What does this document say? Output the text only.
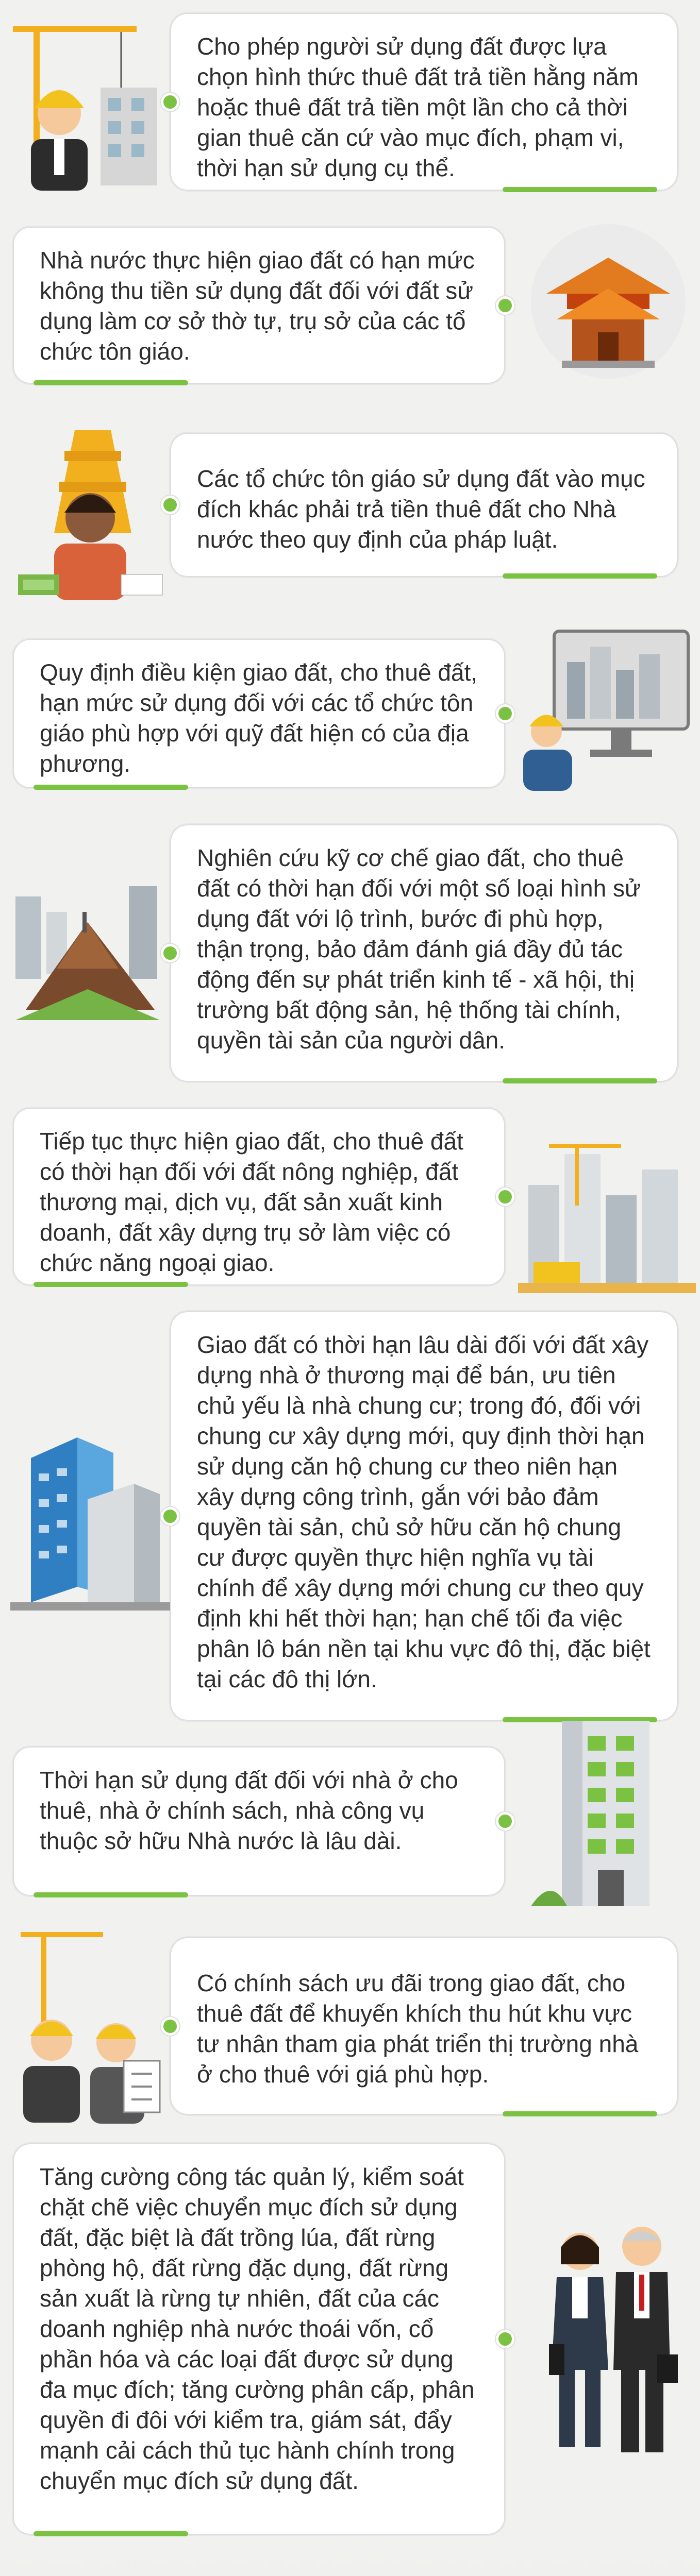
Cho phép người sử dụng đất được lựa chọn hình thức thuê đất trả tiền hằng năm hoặc thuê đất trả tiền một lần cho cả thời gian thuê căn cứ vào mục đích, phạm vi, thời hạn sử dụng cụ thể.
Nhà nước thực hiện giao đất có hạn mức không thu tiền sử dụng đất đối với đất sử dụng làm cơ sở thờ tự, trụ sở của các tổ chức tôn giáo.
Các tổ chức tôn giáo sử dụng đất vào mục đích khác phải trả tiền thuê đất cho Nhà nước theo quy định của pháp luật.
Quy định điều kiện giao đất, cho thuê đất, hạn mức sử dụng đối với các tổ chức tôn giáo phù hợp với quỹ đất hiện có của địa phương.
Nghiên cứu kỹ cơ chế giao đất, cho thuê đất có thời hạn đối với một số loại hình sử dụng đất với lộ trình, bước đi phù hợp, thận trọng, bảo đảm đánh giá đầy đủ tác động đến sự phát triển kinh tế - xã hội, thị trường bất động sản, hệ thống tài chính, quyền tài sản của người dân.
Tiếp tục thực hiện giao đất, cho thuê đất có thời hạn đối với đất nông nghiệp, đất thương mại, dịch vụ, đất sản xuất kinh doanh, đất xây dựng trụ sở làm việc có chức năng ngoại giao.
Giao đất có thời hạn lâu dài đối với đất xây dựng nhà ở thương mại để bán, ưu tiên chủ yếu là nhà chung cư; trong đó, đối với chung cư xây dựng mới, quy định thời hạn sử dụng căn hộ chung cư theo niên hạn xây dựng công trình, gắn với bảo đảm quyền tài sản, chủ sở hữu căn hộ chung cư được quyền thực hiện nghĩa vụ tài chính để xây dựng mới chung cư theo quy định khi hết thời hạn; hạn chế tối đa việc phân lô bán nền tại khu vực đô thị, đặc biệt tại các đô thị lớn.
Thời hạn sử dụng đất đối với nhà ở cho thuê, nhà ở chính sách, nhà công vụ thuộc sở hữu Nhà nước là lâu dài.
Có chính sách ưu đãi trong giao đất, cho thuê đất để khuyến khích thu hút khu vực tư nhân tham gia phát triển thị trường nhà ở cho thuê với giá phù hợp.
Tăng cường công tác quản lý, kiểm soát chặt chẽ việc chuyển mục đích sử dụng đất, đặc biệt là đất trồng lúa, đất rừng phòng hộ, đất rừng đặc dụng, đất rừng sản xuất là rừng tự nhiên, đất của các doanh nghiệp nhà nước thoái vốn, cổ phần hóa và các loại đất được sử dụng đa mục đích; tăng cường phân cấp, phân quyền đi đôi với kiểm tra, giám sát, đẩy mạnh cải cách thủ tục hành chính trong chuyển mục đích sử dụng đất.
